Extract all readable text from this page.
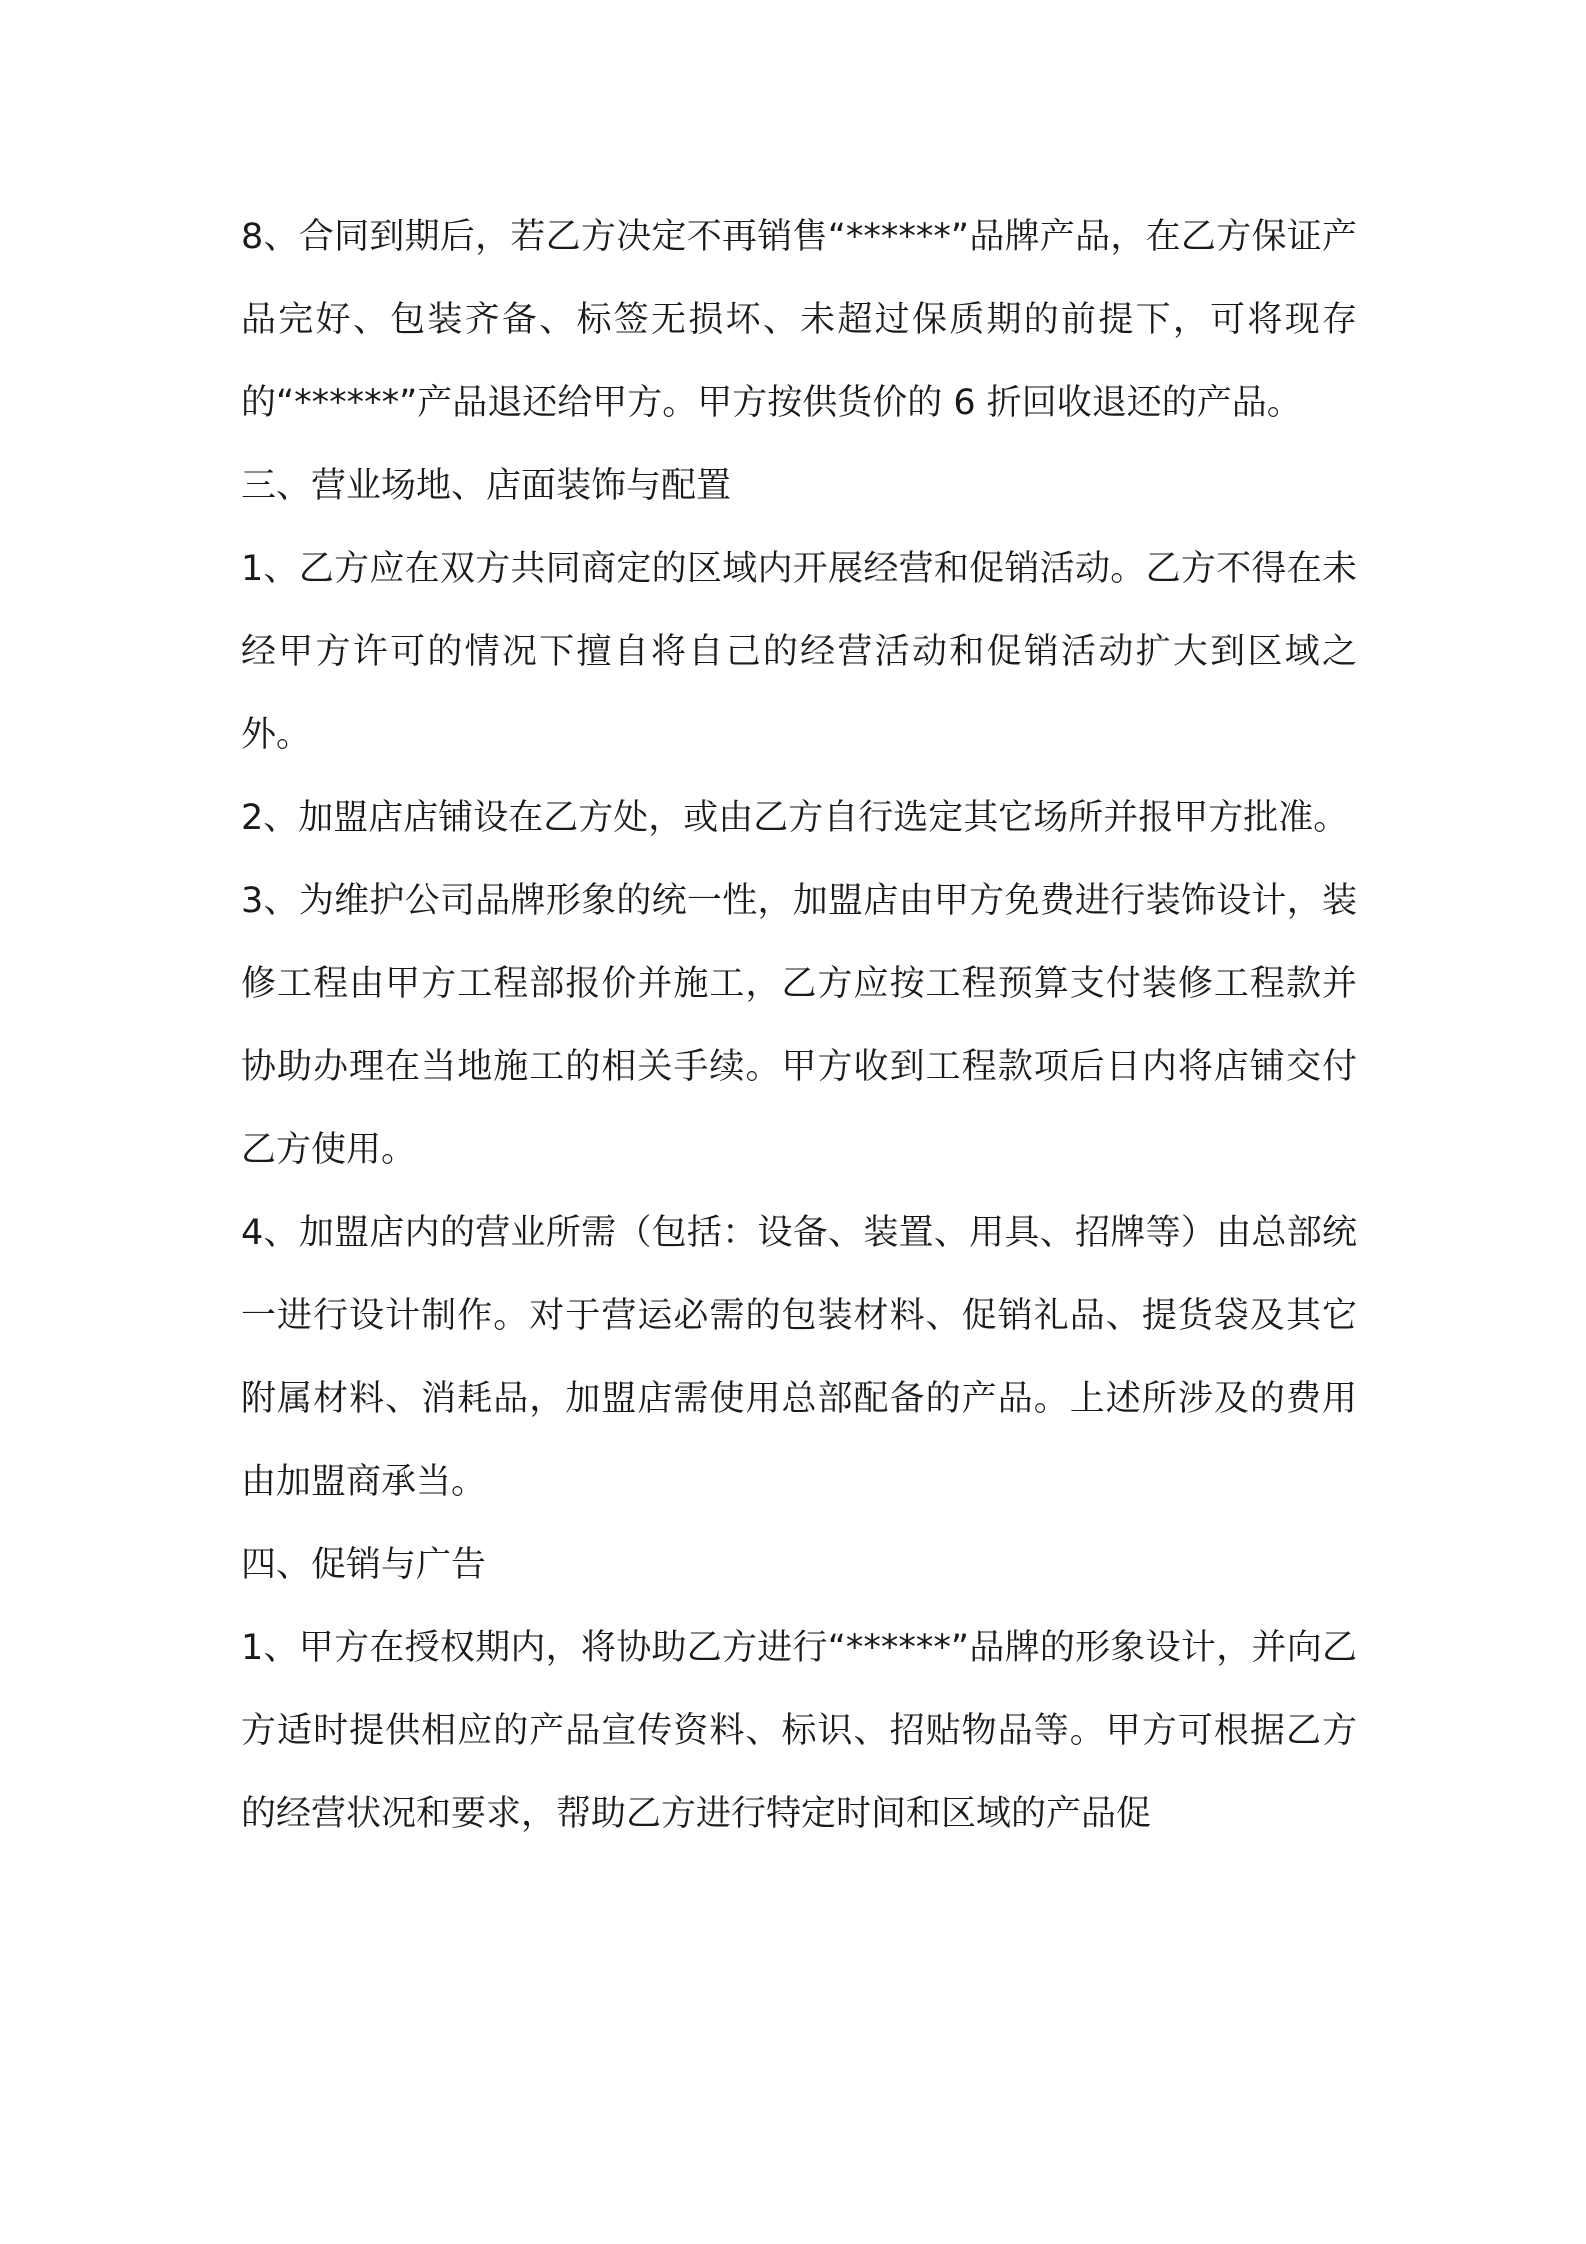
8、合同到期后，若乙方决定不再销售“******”品牌产品，在乙方保证产品完好、包装齐备、标签无损坏、未超过保质期的前提下，可将现存的“******”产品退还给甲方。甲方按供货价的 6 折回收退还的产品。

三、营业场地、店面装饰与配置

1、乙方应在双方共同商定的区域内开展经营和促销活动。乙方不得在未经甲方许可的情况下擅自将自己的经营活动和促销活动扩大到区域之外。

2、加盟店店铺设在乙方处，或由乙方自行选定其它场所并报甲方批准。

3、为维护公司品牌形象的统一性，加盟店由甲方免费进行装饰设计，装修工程由甲方工程部报价并施工，乙方应按工程预算支付装修工程款并协助办理在当地施工的相关手续。甲方收到工程款项后日内将店铺交付乙方使用。

4、加盟店内的营业所需（包括：设备、装置、用具、招牌等）由总部统一进行设计制作。对于营运必需的包装材料、促销礼品、提货袋及其它附属材料、消耗品，加盟店需使用总部配备的产品。上述所涉及的费用由加盟商承当。

四、促销与广告

1、甲方在授权期内，将协助乙方进行“******”品牌的形象设计，并向乙方适时提供相应的产品宣传资料、标识、招贴物品等。甲方可根据乙方的经营状况和要求，帮助乙方进行特定时间和区域的产品促
